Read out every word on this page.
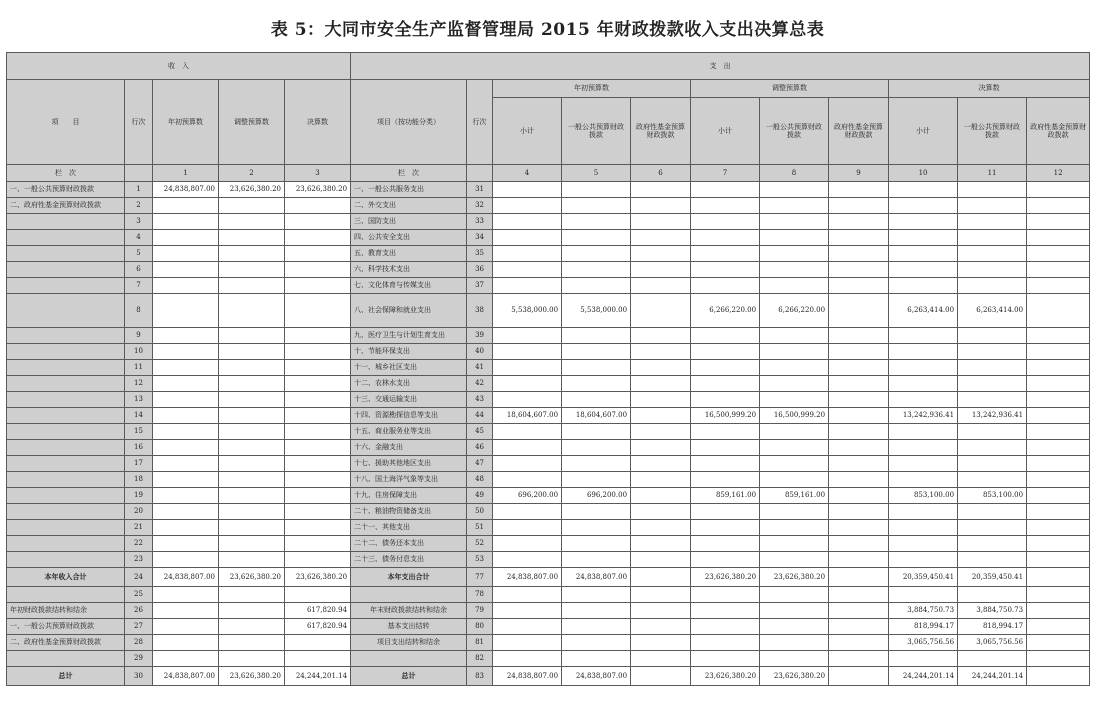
表 5：大同市安全生产监督管理局 2015 年财政拨款收入支出决算总表
收　入					支　出										
项　　目	行次	年初预算数	调整预算数	决算数	项目（按功能分类）	行次	年初预算数			调整预算数			决算数		
							小计	一般公共预算财政拨款	政府性基金预算财政拨款	小计	一般公共预算财政拨款	政府性基金预算财政拨款	小计	一般公共预算财政拨款	政府性基金预算财政拨款
栏　次		1	2	3	栏　次		4	5	6	7	8	9	10	11	12
一、一般公共预算财政拨款	1	24,838,807.00	23,626,380.20	23,626,380.20	一、一般公共服务支出	31									
二、政府性基金预算财政拨款	2				二、外交支出	32									
	3				三、国防支出	33									
	4				四、公共安全支出	34									
	5				五、教育支出	35									
	6				六、科学技术支出	36									
	7				七、文化体育与传媒支出	37									
	8				八、社会保障和就业支出	38	5,538,000.00	5,538,000.00		6,266,220.00	6,266,220.00		6,263,414.00	6,263,414.00	
	9				九、医疗卫生与计划生育支出	39									
	10				十、节能环保支出	40									
	11				十一、城乡社区支出	41									
	12				十二、农林水支出	42									
	13				十三、交通运输支出	43									
	14				十四、资源勘探信息等支出	44	18,604,607.00	18,604,607.00		16,500,999.20	16,500,999.20		13,242,936.41	13,242,936.41	
	15				十五、商业服务业等支出	45									
	16				十六、金融支出	46									
	17				十七、援助其他地区支出	47									
	18				十八、国土海洋气象等支出	48									
	19				十九、住房保障支出	49	696,200.00	696,200.00		859,161.00	859,161.00		853,100.00	853,100.00	
	20				二十、粮油物资储备支出	50									
	21				二十一、其他支出	51									
	22				二十二、债务还本支出	52									
	23				二十三、债务付息支出	53									
本年收入合计	24	24,838,807.00	23,626,380.20	23,626,380.20	本年支出合计	77	24,838,807.00	24,838,807.00		23,626,380.20	23,626,380.20		20,359,450.41	20,359,450.41	
	25					78									
年初财政拨款结转和结余	26			617,820.94	年末财政拨款结转和结余	79							3,884,750.73	3,884,750.73	
一、一般公共预算财政拨款	27			617,820.94	基本支出结转	80							818,994.17	818,994.17	
二、政府性基金预算财政拨款	28				项目支出结转和结余	81							3,065,756.56	3,065,756.56	
	29					82									
总计	30	24,838,807.00	23,626,380.20	24,244,201.14	总计	83	24,838,807.00	24,838,807.00		23,626,380.20	23,626,380.20		24,244,201.14	24,244,201.14	
